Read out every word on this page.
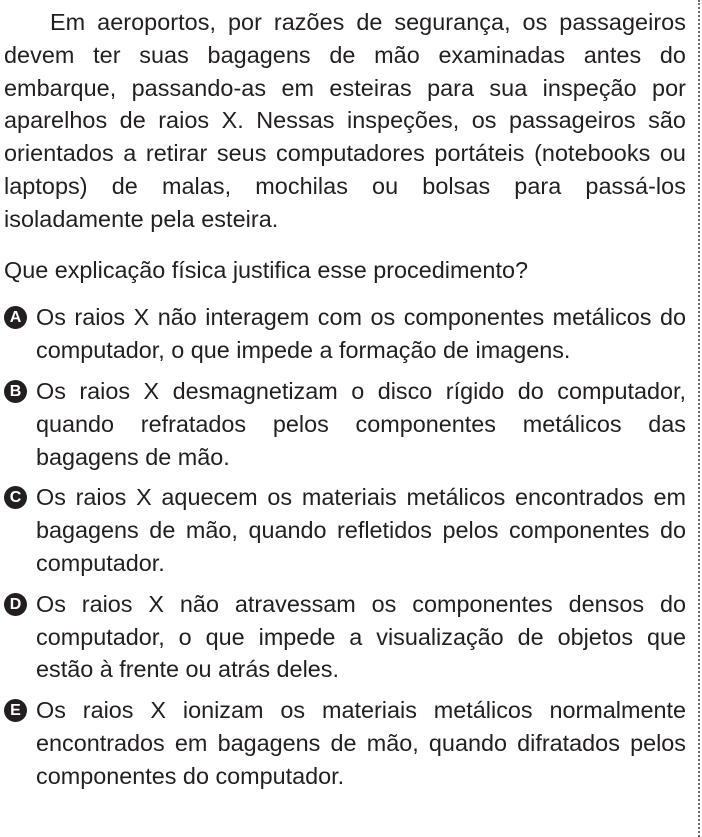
Em aeroportos, por razões de segurança, os passageiros devem ter suas bagagens de mão examinadas antes do embarque, passando-as em esteiras para sua inspeção por aparelhos de raios X. Nessas inspeções, os passageiros são orientados a retirar seus computadores portáteis (notebooks ou laptops) de malas, mochilas ou bolsas para passá-los isoladamente pela esteira.

Que explicação física justifica esse procedimento?

A Os raios X não interagem com os componentes metálicos do computador, o que impede a formação de imagens.
B Os raios X desmagnetizam o disco rígido do computador, quando refratados pelos componentes metálicos das bagagens de mão.
C Os raios X aquecem os materiais metálicos encontrados em bagagens de mão, quando refletidos pelos componentes do computador.
D Os raios X não atravessam os componentes densos do computador, o que impede a visualização de objetos que estão à frente ou atrás deles.
E Os raios X ionizam os materiais metálicos normalmente encontrados em bagagens de mão, quando difratados pelos componentes do computador.
